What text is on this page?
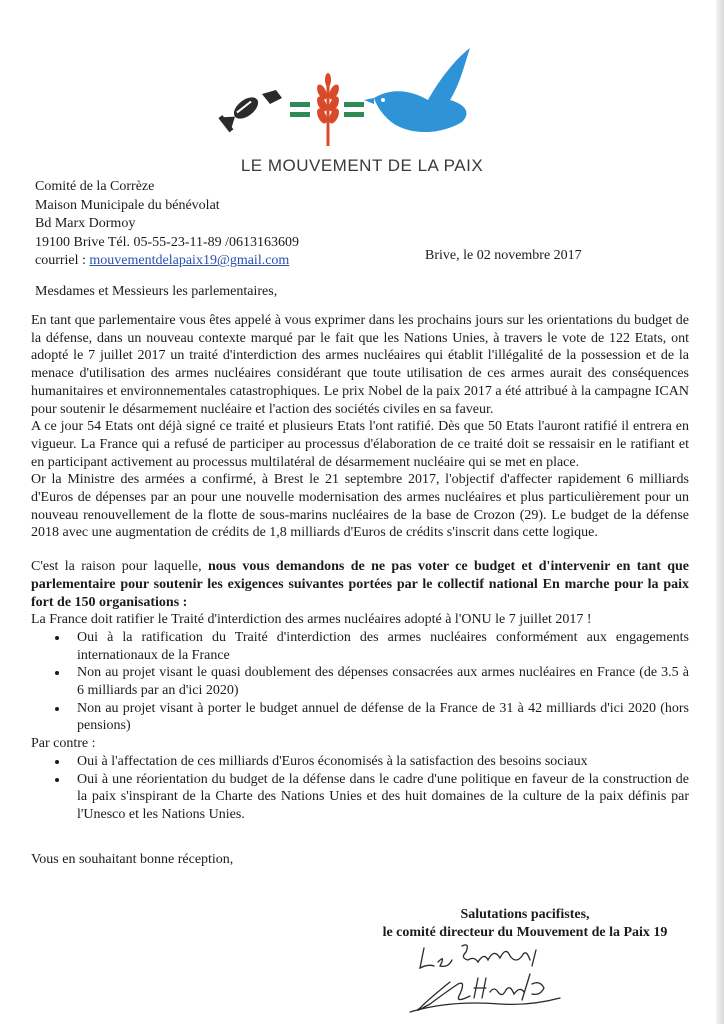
LE MOUVEMENT DE LA PAIX
Comité de la Corrèze
Maison Municipale du bénévolat
Bd Marx Dormoy
19100 Brive Tél. 05-55-23-11-89 /0613163609
courriel : mouvementdelapaix19@gmail.com	Brive, le 02 novembre 2017
Mesdames et Messieurs les parlementaires,

En tant que parlementaire vous êtes appelé à vous exprimer dans les prochains jours sur les orientations du budget de la défense, dans un nouveau contexte marqué par le fait que les Nations Unies, à travers le vote de 122 Etats, ont adopté le 7 juillet 2017 un traité d'interdiction des armes nucléaires qui établit l'illégalité de la possession et de la menace d'utilisation des armes nucléaires considérant que toute utilisation de ces armes aurait des conséquences humanitaires et environnementales catastrophiques. Le prix Nobel de la paix 2017 a été attribué à la campagne ICAN pour soutenir le désarmement nucléaire et l'action des sociétés civiles en sa faveur.

A ce jour 54 Etats ont déjà signé ce traité et plusieurs Etats l'ont ratifié. Dès que 50 Etats l'auront ratifié il entrera en vigueur. La France qui a refusé de participer au processus d'élaboration de ce traité doit se ressaisir en le ratifiant et en participant activement au processus multilatéral de désarmement nucléaire qui se met en place.

Or la Ministre des armées a confirmé, à Brest le 21 septembre 2017, l'objectif d'affecter rapidement 6 milliards d'Euros de dépenses par an pour une nouvelle modernisation des armes nucléaires et plus particulièrement pour un nouveau renouvellement de la flotte de sous-marins nucléaires de la base de Crozon (29). Le budget de la défense 2018 avec une augmentation de crédits de 1,8 milliards d'Euros de crédits s'inscrit dans cette logique.

C'est la raison pour laquelle, nous vous demandons de ne pas voter ce budget et d'intervenir en tant que parlementaire pour soutenir les exigences suivantes portées par le collectif national En marche pour la paix fort de 150 organisations :

La France doit ratifier le Traité d'interdiction des armes nucléaires adopté à l'ONU le 7 juillet 2017 !

• Oui à la ratification du Traité d'interdiction des armes nucléaires conformément aux engagements internationaux de la France
• Non au projet visant le quasi doublement des dépenses consacrées aux armes nucléaires en France (de 3.5 à 6 milliards par an d'ici 2020)
• Non au projet visant à porter le budget annuel de défense de la France de 31 à 42 milliards d'ici 2020 (hors pensions)

Par contre :

• Oui à l'affectation de ces milliards d'Euros économisés à la satisfaction des besoins sociaux
• Oui à une réorientation du budget de la défense dans le cadre d'une politique en faveur de la construction de la paix s'inspirant de la Charte des Nations Unies et des huit domaines de la culture de la paix définis par l'Unesco et les Nations Unies.
Vous en souhaitant bonne réception,
Salutations pacifistes,
le comité directeur du Mouvement de la Paix 19
